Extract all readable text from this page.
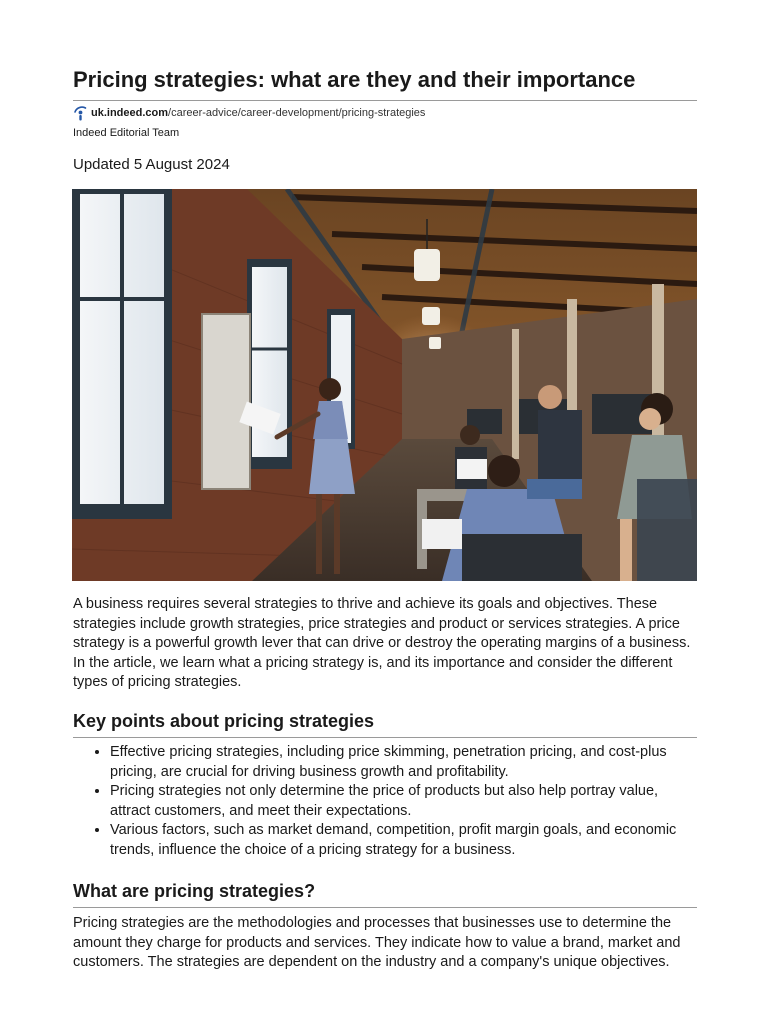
Pricing strategies: what are they and their importance
uk.indeed.com /career-advice/career-development/pricing-strategies
Indeed Editorial Team
Updated 5 August 2024

A business requires several strategies to thrive and achieve its goals and objectives. These strategies include growth strategies, price strategies and product or services strategies. A price strategy is a powerful growth lever that can drive or destroy the operating margins of a business. In the article, we learn what a pricing strategy is, and its importance and consider the different types of pricing strategies.

Key points about pricing strategies
• Effective pricing strategies, including price skimming, penetration pricing, and cost-plus pricing, are crucial for driving business growth and profitability.
• Pricing strategies not only determine the price of products but also help portray value, attract customers, and meet their expectations.
• Various factors, such as market demand, competition, profit margin goals, and economic trends, influence the choice of a pricing strategy for a business.
What are pricing strategies?

Pricing strategies are the methodologies and processes that businesses use to determine the amount they charge for products and services. They indicate how to value a brand, market and customers. The strategies are dependent on the industry and a company's unique objectives.
